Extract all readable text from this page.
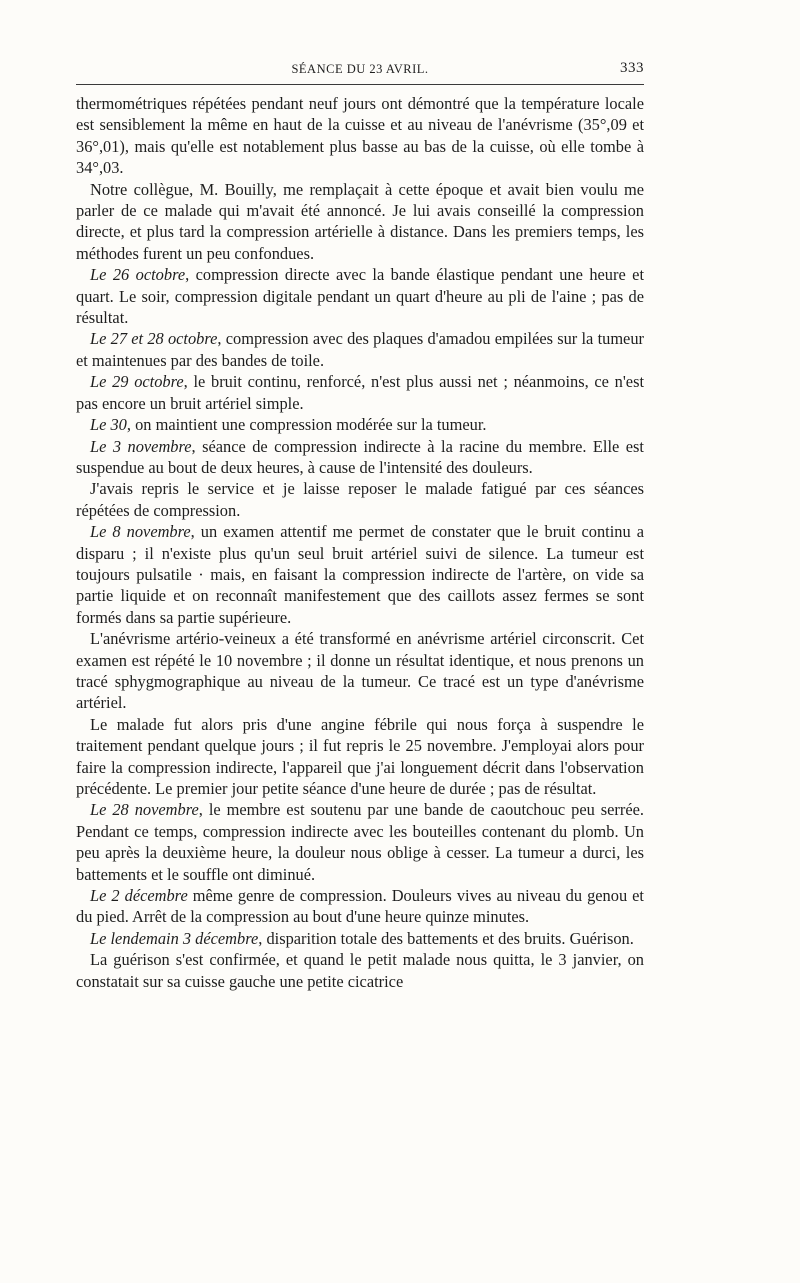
SÉANCE DU 23 AVRIL.	333

thermométriques répétées pendant neuf jours ont démontré que la température locale est sensiblement la même en haut de la cuisse et au niveau de l'anévrisme (35°,09 et 36°,01), mais qu'elle est notablement plus basse au bas de la cuisse, où elle tombe à 34°,03.

Notre collègue, M. Bouilly, me remplaçait à cette époque et avait bien voulu me parler de ce malade qui m'avait été annoncé. Je lui avais conseillé la compression directe, et plus tard la compression artérielle à distance. Dans les premiers temps, les méthodes furent un peu confondues.

Le 26 octobre, compression directe avec la bande élastique pendant une heure et quart. Le soir, compression digitale pendant un quart d'heure au pli de l'aine ; pas de résultat.

Le 27 et 28 octobre, compression avec des plaques d'amadou empilées sur la tumeur et maintenues par des bandes de toile.

Le 29 octobre, le bruit continu, renforcé, n'est plus aussi net ; néanmoins, ce n'est pas encore un bruit artériel simple.

Le 30, on maintient une compression modérée sur la tumeur.

Le 3 novembre, séance de compression indirecte à la racine du membre. Elle est suspendue au bout de deux heures, à cause de l'intensité des douleurs.

J'avais repris le service et je laisse reposer le malade fatigué par ces séances répétées de compression.

Le 8 novembre, un examen attentif me permet de constater que le bruit continu a disparu ; il n'existe plus qu'un seul bruit artériel suivi de silence. La tumeur est toujours pulsatile · mais, en faisant la compression indirecte de l'artère, on vide sa partie liquide et on reconnaît manifestement que des caillots assez fermes se sont formés dans sa partie supérieure.

L'anévrisme artério-veineux a été transformé en anévrisme artériel circonscrit. Cet examen est répété le 10 novembre ; il donne un résultat identique, et nous prenons un tracé sphygmographique au niveau de la tumeur. Ce tracé est un type d'anévrisme artériel.

Le malade fut alors pris d'une angine fébrile qui nous força à suspendre le traitement pendant quelque jours ; il fut repris le 25 novembre. J'employai alors pour faire la compression indirecte, l'appareil que j'ai longuement décrit dans l'observation précédente. Le premier jour petite séance d'une heure de durée ; pas de résultat.

Le 28 novembre, le membre est soutenu par une bande de caoutchouc peu serrée. Pendant ce temps, compression indirecte avec les bouteilles contenant du plomb. Un peu après la deuxième heure, la douleur nous oblige à cesser. La tumeur a durci, les battements et le souffle ont diminué.

Le 2 décembre même genre de compression. Douleurs vives au niveau du genou et du pied. Arrêt de la compression au bout d'une heure quinze minutes.

Le lendemain 3 décembre, disparition totale des battements et des bruits. Guérison.

La guérison s'est confirmée, et quand le petit malade nous quitta, le 3 janvier, on constatait sur sa cuisse gauche une petite cicatrice
